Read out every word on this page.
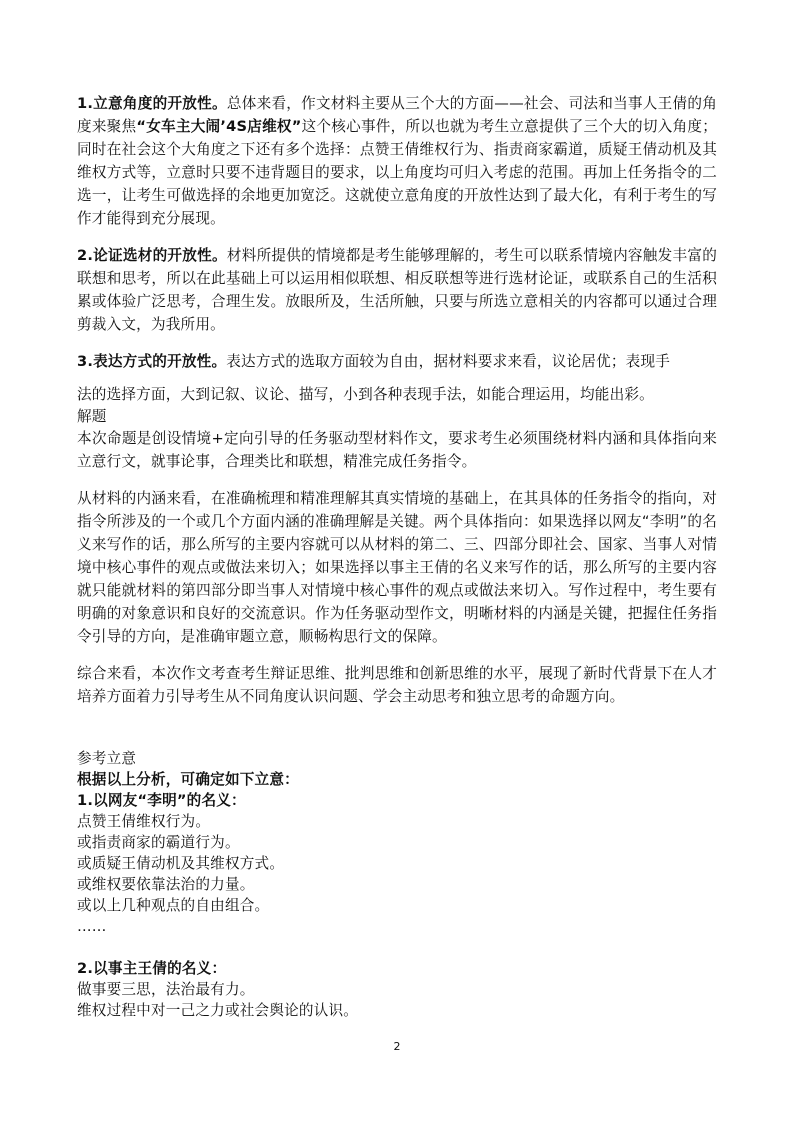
1.立意角度的开放性。总体来看，作文材料主要从三个大的方面——社会、司法和当事人王倩的角度来聚焦“女车主大闹’4S店维权”这个核心事件，所以也就为考生立意提供了三个大的切入角度；同时在社会这个大角度之下还有多个选择：点赞王倩维权行为、指责商家霸道，质疑王倩动机及其维权方式等，立意时只要不违背题目的要求，以上角度均可归入考虑的范围。再加上任务指令的二选一，让考生可做选择的余地更加宽泛。这就使立意角度的开放性达到了最大化，有利于考生的写作才能得到充分展现。

2.论证选材的开放性。材料所提供的情境都是考生能够理解的，考生可以联系情境内容触发丰富的联想和思考，所以在此基础上可以运用相似联想、相反联想等进行选材论证，或联系自己的生活积累或体验广泛思考，合理生发。放眼所及，生活所触，只要与所选立意相关的内容都可以通过合理剪裁入文，为我所用。

3.表达方式的开放性。表达方式的选取方面较为自由，据材料要求来看，议论居优；表现手

法的选择方面，大到记叙、议论、描写，小到各种表现手法，如能合理运用，均能出彩。

解题

本次命题是创设情境+定向引导的任务驱动型材料作文，要求考生必须围绕材料内涵和具体指向来立意行文，就事论事，合理类比和联想，精准完成任务指令。

从材料的内涵来看，在准确梳理和精准理解其真实情境的基础上，在其具体的任务指令的指向，对指令所涉及的一个或几个方面内涵的准确理解是关键。两个具体指向：如果选择以网友“李明”的名义来写作的话，那么所写的主要内容就可以从材料的第二、三、四部分即社会、国家、当事人对情境中核心事件的观点或做法来切入；如果选择以事主王倩的名义来写作的话，那么所写的主要内容就只能就材料的第四部分即当事人对情境中核心事件的观点或做法来切入。写作过程中，考生要有明确的对象意识和良好的交流意识。作为任务驱动型作文，明晰材料的内涵是关键，把握住任务指令引导的方向，是准确审题立意，顺畅构思行文的保障。

综合来看，本次作文考查考生辩证思维、批判思维和创新思维的水平，展现了新时代背景下在人才培养方面着力引导考生从不同角度认识问题、学会主动思考和独立思考的命题方向。

参考立意

根据以上分析，可确定如下立意：

1.以网友“李明”的名义：

点赞王倩维权行为。

或指责商家的霸道行为。

或质疑王倩动机及其维权方式。

或维权要依靠法治的力量。

或以上几种观点的自由组合。

……

2.以事主王倩的名义：

做事要三思，法治最有力。

维权过程中对一己之力或社会舆论的认识。

2
